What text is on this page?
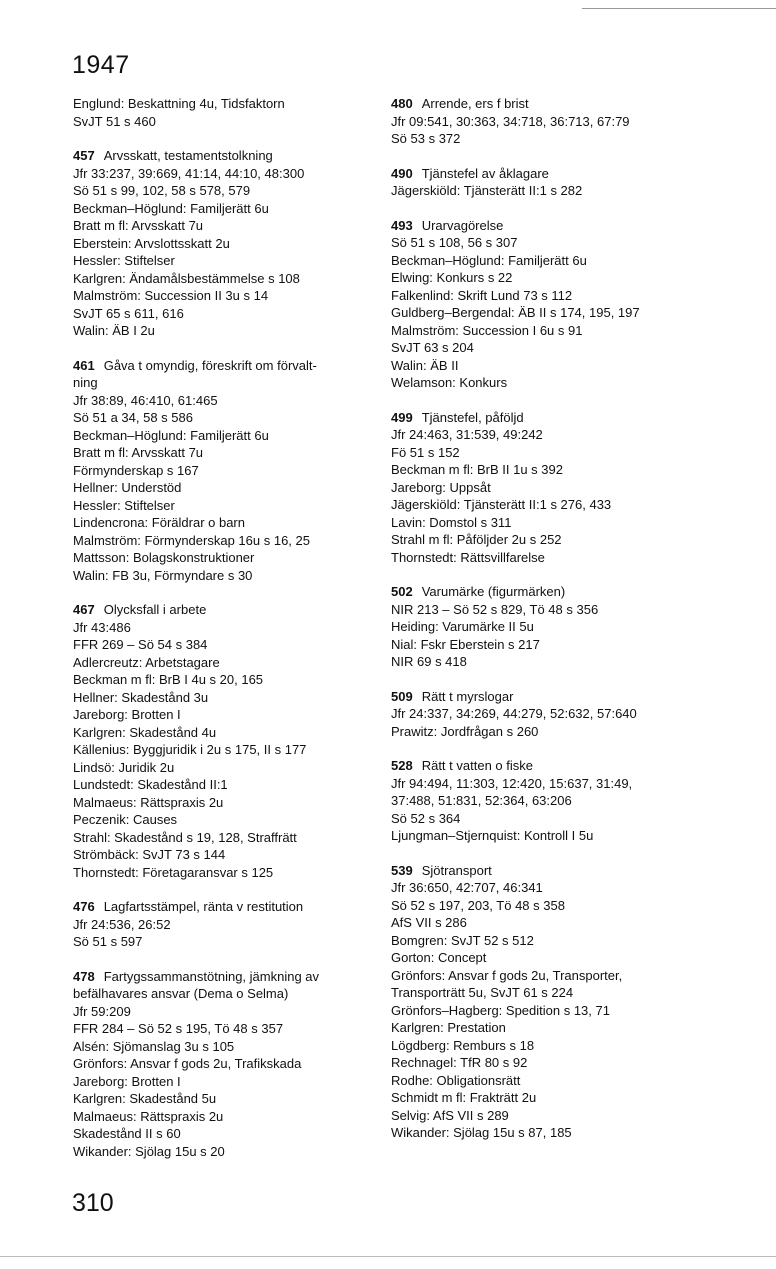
1947
Englund: Beskattning 4u, Tidsfaktorn
SvJT 51 s 460
457 Arvsskatt, testamentstolkning
Jfr 33:237, 39:669, 41:14, 44:10, 48:300
Sö 51 s 99, 102, 58 s 578, 579
Beckman–Höglund: Familjerätt 6u
Bratt m fl: Arvsskatt 7u
Eberstein: Arvslottsskatt 2u
Hessler: Stiftelser
Karlgren: Ändamålsbestämmelse s 108
Malmström: Succession II 3u s 14
SvJT 65 s 611, 616
Walin: ÄB I 2u
461 Gåva t omyndig, föreskrift om förvalt-
ning
Jfr 38:89, 46:410, 61:465
Sö 51 a 34, 58 s 586
Beckman–Höglund: Familjerätt 6u
Bratt m fl: Arvsskatt 7u
Förmynderskap s 167
Hellner: Understöd
Hessler: Stiftelser
Lindencrona: Föräldrar o barn
Malmström: Förmynderskap 16u s 16, 25
Mattsson: Bolagskonstruktioner
Walin: FB 3u, Förmyndare s 30
467 Olycksfall i arbete
Jfr 43:486
FFR 269 – Sö 54 s 384
Adlercreutz: Arbetstagare
Beckman m fl: BrB I 4u s 20, 165
Hellner: Skadestånd 3u
Jareborg: Brotten I
Karlgren: Skadestånd 4u
Källenius: Byggjuridik i 2u s 175, II s 177
Lindsö: Juridik 2u
Lundstedt: Skadestånd II:1
Malmaeus: Rättspraxis 2u
Peczenik: Causes
Strahl: Skadestånd s 19, 128, Straffrätt
Strömbäck: SvJT 73 s 144
Thornstedt: Företagaransvar s 125
476 Lagfartsstämpel, ränta v restitution
Jfr 24:536, 26:52
Sö 51 s 597
478 Fartygssammanstötning, jämkning av
befälhavares ansvar (Dema o Selma)
Jfr 59:209
FFR 284 – Sö 52 s 195, Tö 48 s 357
Alsén: Sjömanslag 3u s 105
Grönfors: Ansvar f gods 2u, Trafikskada
Jareborg: Brotten I
Karlgren: Skadestånd 5u
Malmaeus: Rättspraxis 2u
Skadestånd II s 60
Wikander: Sjölag 15u s 20
480 Arrende, ers f brist
Jfr 09:541, 30:363, 34:718, 36:713, 67:79
Sö 53 s 372
490 Tjänstefel av åklagare
Jägerskiöld: Tjänsterätt II:1 s 282
493 Urarvagörelse
Sö 51 s 108, 56 s 307
Beckman–Höglund: Familjerätt 6u
Elwing: Konkurs s 22
Falkenlind: Skrift Lund 73 s 112
Guldberg–Bergendal: ÄB II s 174, 195, 197
Malmström: Succession I 6u s 91
SvJT 63 s 204
Walin: ÄB II
Welamson: Konkurs
499 Tjänstefel, påföljd
Jfr 24:463, 31:539, 49:242
Fö 51 s 152
Beckman m fl: BrB II 1u s 392
Jareborg: Uppsåt
Jägerskiöld: Tjänsterätt II:1 s 276, 433
Lavin: Domstol s 311
Strahl m fl: Påföljder 2u s 252
Thornstedt: Rättsvillfarelse
502 Varumärke (figurmärken)
NIR 213 – Sö 52 s 829, Tö 48 s 356
Heiding: Varumärke II 5u
Nial: Fskr Eberstein s 217
NIR 69 s 418
509 Rätt t myrslogar
Jfr 24:337, 34:269, 44:279, 52:632, 57:640
Prawitz: Jordfrågan s 260
528 Rätt t vatten o fiske
Jfr 94:494, 11:303, 12:420, 15:637, 31:49,
37:488, 51:831, 52:364, 63:206
Sö 52 s 364
Ljungman–Stjernquist: Kontroll I 5u
539 Sjötransport
Jfr 36:650, 42:707, 46:341
Sö 52 s 197, 203, Tö 48 s 358
AfS VII s 286
Bomgren: SvJT 52 s 512
Gorton: Concept
Grönfors: Ansvar f gods 2u, Transporter,
Transporträtt 5u, SvJT 61 s 224
Grönfors–Hagberg: Spedition s 13, 71
Karlgren: Prestation
Lögdberg: Remburs s 18
Rechnagel: TfR 80 s 92
Rodhe: Obligationsrätt
Schmidt m fl: Frakträtt 2u
Selvig: AfS VII s 289
Wikander: Sjölag 15u s 87, 185
310
